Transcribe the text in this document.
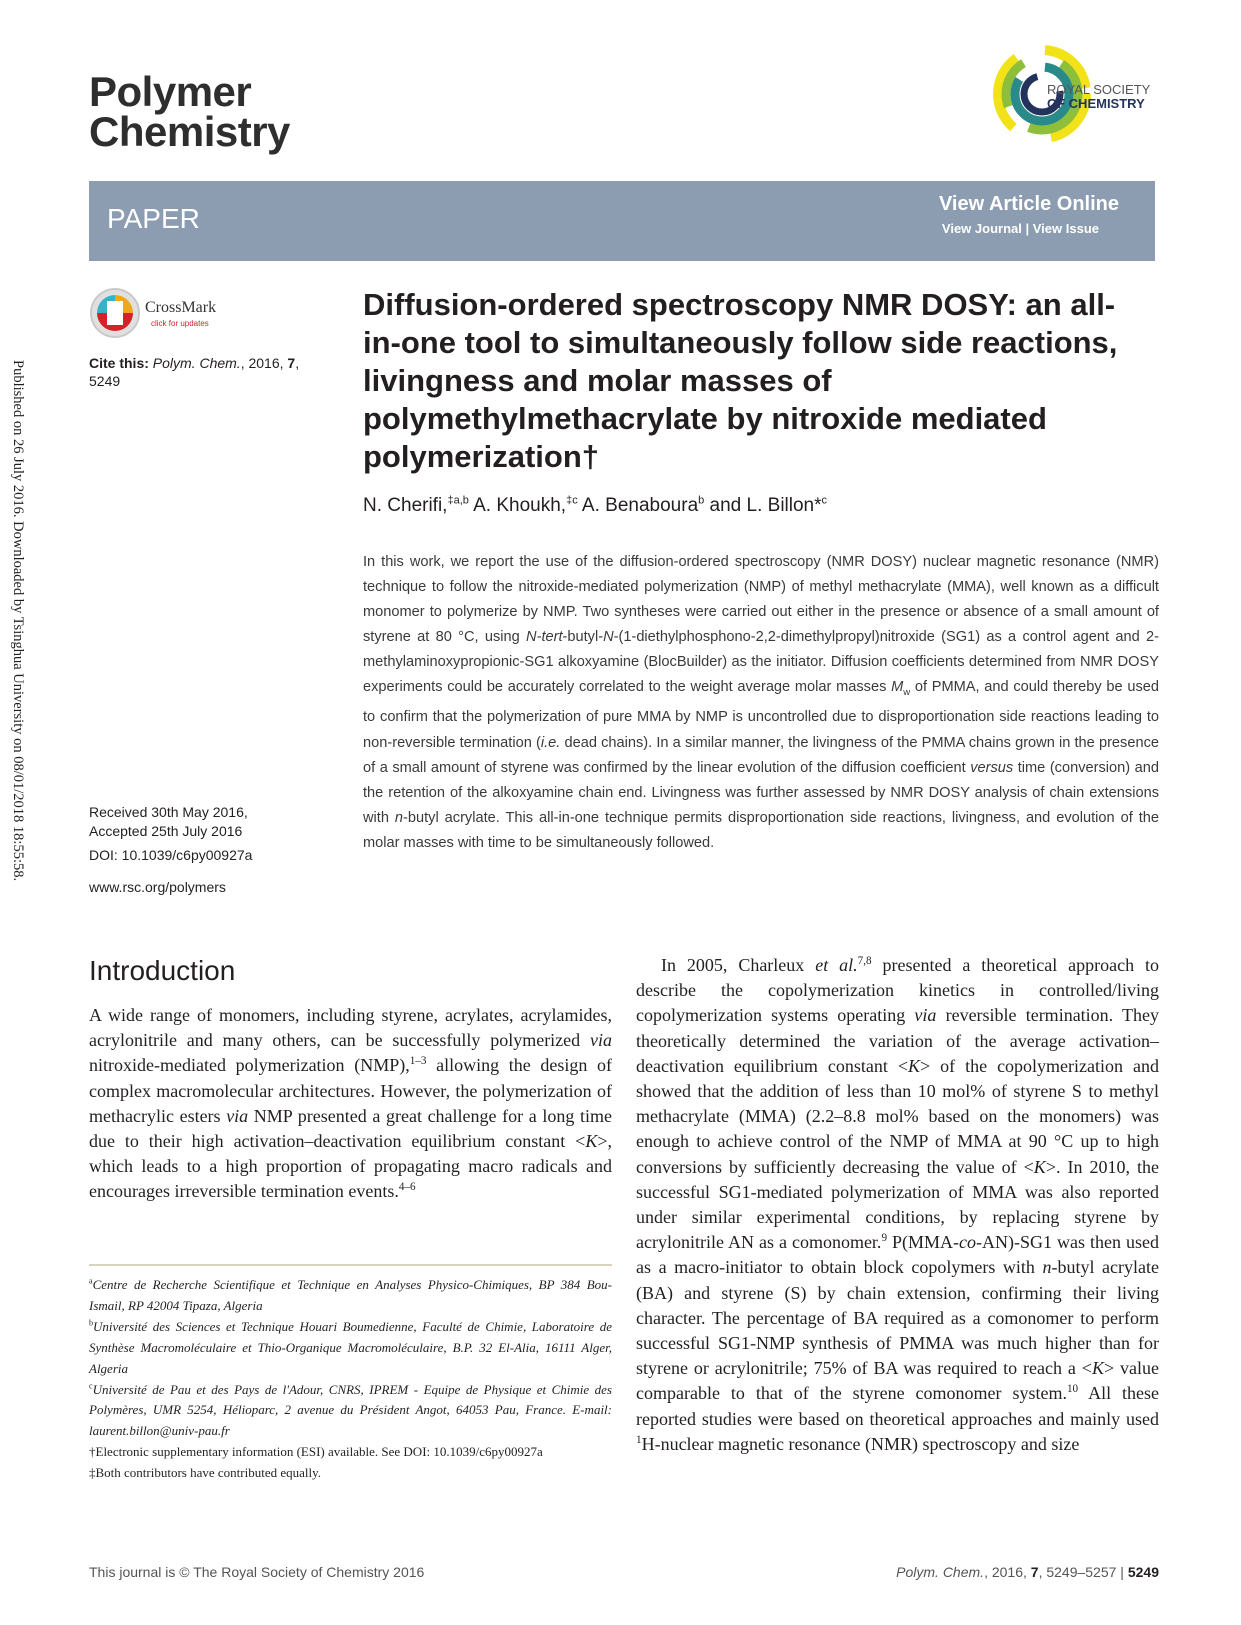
Polymer
Chemistry
ROYAL SOCIETY
OF CHEMISTRY
PAPER	View Article Online
View Journal | View Issue
CrossMark
click for updates
Cite this: Polym. Chem., 2016, 7,
5249
Published on 26 July 2016. Downloaded by Tsinghua University on 08/01/2018 18:55:58.
Diffusion-ordered spectroscopy NMR DOSY: an all-in-one tool to simultaneously follow side reactions, livingness and molar masses of polymethylmethacrylate by nitroxide mediated polymerization†
N. Cherifi,$^{\ddagger a,b}$ A. Khoukh,$^{\ddagger c}$ A. Benaboura$^b$ and L. Billon*$^c$
In this work, we report the use of the diffusion-ordered spectroscopy (NMR DOSY) nuclear magnetic resonance (NMR) technique to follow the nitroxide-mediated polymerization (NMP) of methyl methacrylate (MMA), well known as a difficult monomer to polymerize by NMP. Two syntheses were carried out either in the presence or absence of a small amount of styrene at 80 °C, using N-tert-butyl-N-(1-diethylphosphono-2,2-dimethylpropyl)nitroxide (SG1) as a control agent and 2-methylaminoxypropionic-SG1 alkoxyamine (BlocBuilder) as the initiator. Diffusion coefficients determined from NMR DOSY experiments could be accurately correlated to the weight average molar masses $M_w$ of PMMA, and could thereby be used to confirm that the polymerization of pure MMA by NMP is uncontrolled due to disproportionation side reactions leading to non-reversible termination (i.e. dead chains). In a similar manner, the livingness of the PMMA chains grown in the presence of a small amount of styrene was confirmed by the linear evolution of the diffusion coefficient versus time (conversion) and the retention of the alkoxyamine chain end. Livingness was further assessed by NMR DOSY analysis of chain extensions with n-butyl acrylate. This all-in-one technique permits disproportionation side reactions, livingness, and evolution of the molar masses with time to be simultaneously followed.
Received 30th May 2016,
Accepted 25th July 2016
DOI: 10.1039/c6py00927a
www.rsc.org/polymers
Introduction
A wide range of monomers, including styrene, acrylates, acrylamides, acrylonitrile and many others, can be successfully polymerized via nitroxide-mediated polymerization (NMP),$^{1-3}$ allowing the design of complex macromolecular architectures. However, the polymerization of methacrylic esters via NMP presented a great challenge for a long time due to their high activation–deactivation equilibrium constant <K>, which leads to a high proportion of propagating macro radicals and encourages irreversible termination events.$^{4-6}$
In 2005, Charleux et al.$^{7,8}$ presented a theoretical approach to describe the copolymerization kinetics in controlled/living copolymerization systems operating via reversible termination. They theoretically determined the variation of the average activation–deactivation equilibrium constant <K> of the copolymerization and showed that the addition of less than 10 mol% of styrene S to methyl methacrylate (MMA) (2.2–8.8 mol% based on the monomers) was enough to achieve control of the NMP of MMA at 90 °C up to high conversions by sufficiently decreasing the value of <K>. In 2010, the successful SG1-mediated polymerization of MMA was also reported under similar experimental conditions, by replacing styrene by acrylonitrile AN as a comonomer.$^9$ P(MMA-co-AN)-SG1 was then used as a macro-initiator to obtain block copolymers with n-butyl acrylate (BA) and styrene (S) by chain extension, confirming their living character. The percentage of BA required as a comonomer to perform successful SG1-NMP synthesis of PMMA was much higher than for styrene or acrylonitrile; 75% of BA was required to reach a <K> value comparable to that of the styrene comonomer system.$^{10}$ All these reported studies were based on theoretical approaches and mainly used $^1$H-nuclear magnetic resonance (NMR) spectroscopy and size

$^a$Centre de Recherche Scientifique et Technique en Analyses Physico-Chimiques, BP 384 Bou-Ismail, RP 42004 Tipaza, Algeria

$^b$Université des Sciences et Technique Houari Boumedienne, Faculté de Chimie, Laboratoire de Synthèse Macromoléculaire et Thio-Organique Macromoléculaire, B.P. 32 El-Alia, 16111 Alger, Algeria

$^c$Université de Pau et des Pays de l'Adour, CNRS, IPREM - Equipe de Physique et Chimie des Polymères, UMR 5254, Hélioparc, 2 avenue du Président Angot, 64053 Pau, France. E-mail: laurent.billon@univ-pau.fr

†Electronic supplementary information (ESI) available. See DOI: 10.1039/c6py00927a

‡Both contributors have contributed equally.

This journal is © The Royal Society of Chemistry 2016	Polym. Chem., 2016, 7, 5249–5257 | 5249
